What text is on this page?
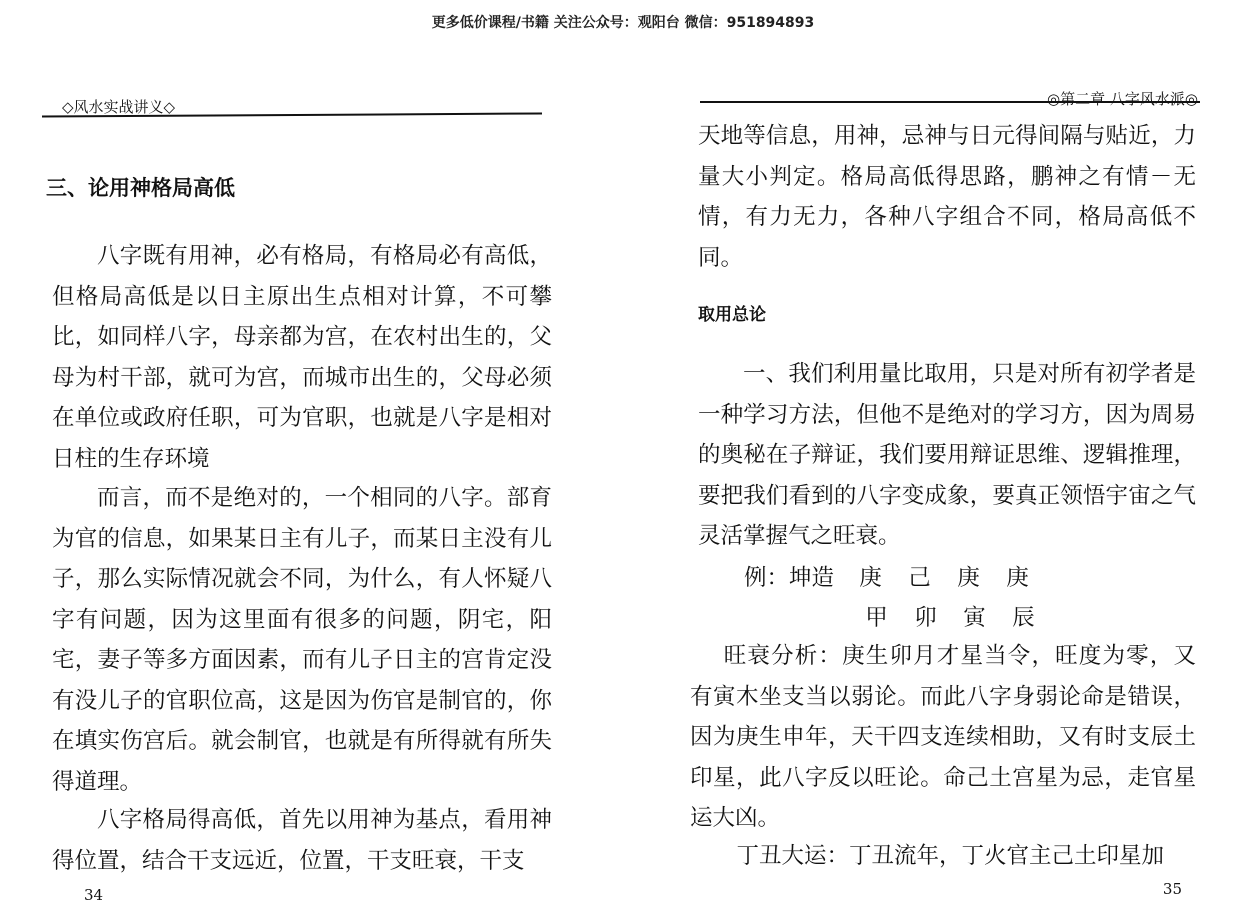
更多低价课程/书籍 关注公众号：观阳台 微信：951894893
◇风水实战讲义◇
三、论用神格局高低

八字既有用神，必有格局，有格局必有高低，但格局高低是以日主原出生点相对计算，不可攀比，如同样八字，母亲都为宫，在农村出生的，父母为村干部，就可为宫，而城市出生的，父母必须在单位或政府任职，可为官职，也就是八字是相对日柱的生存环境

而言，而不是绝对的，一个相同的八字。部育为官的信息，如果某日主有儿子，而某日主没有儿子，那么实际情况就会不同，为什么，有人怀疑八字有问题，因为这里面有很多的问题，阴宅，阳宅，妻子等多方面因素，而有儿子日主的宫肯定没有没儿子的官职位高，这是因为伤官是制官的，你在填实伤宫后。就会制官，也就是有所得就有所失得道理。

八字格局得高低，首先以用神为基点，看用神得位置，结合干支远近，位置，干支旺衰，干支

34
◎第二章 八字风水派◎

天地等信息，用神，忌神与日元得间隔与贴近，力量大小判定。格局高低得思路，鹏神之有情－无情，有力无力，各种八字组合不同，格局高低不同。

取用总论

一、我们利用量比取用，只是对所有初学者是一种学习方法，但他不是绝对的学习方，因为周易的奥秘在子辩证，我们要用辩证思维、逻辑推理，要把我们看到的八字变成象，要真正领悟宇宙之气灵活掌握气之旺衰。

例：坤造 庚 己 庚 庚
甲 卯 寅 辰

旺衰分析：庚生卯月才星当令，旺度为零，又有寅木坐支当以弱论。而此八字身弱论命是错误，因为庚生申年，天干四支连续相助，又有时支辰土印星，此八字反以旺论。命己土宫星为忌，走官星运大凶。

丁丑大运：丁丑流年，丁火官主己土印星加

35
